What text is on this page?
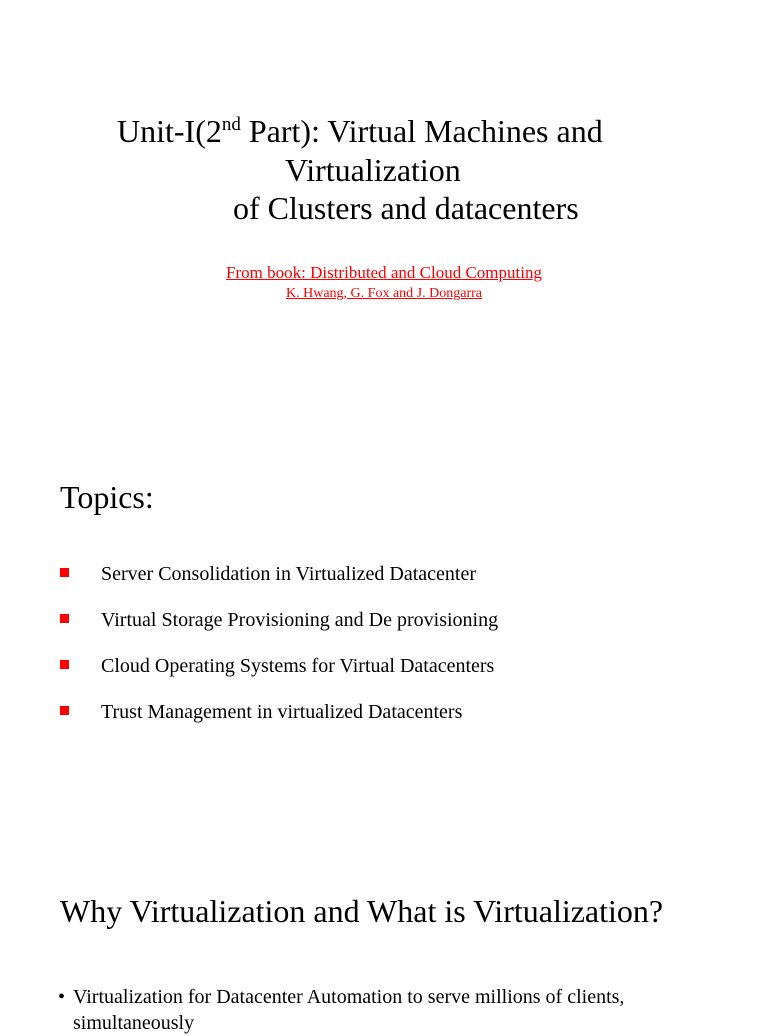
Unit-I(2nd Part): Virtual Machines and
Virtualization
of Clusters and datacenters
From book: Distributed and Cloud Computing
K. Hwang, G. Fox and J. Dongarra
Topics:
Server Consolidation in Virtualized Datacenter
Virtual Storage Provisioning and De provisioning
Cloud Operating Systems for Virtual Datacenters
Trust Management in virtualized Datacenters
Why Virtualization and What is Virtualization?
• Virtualization for Datacenter Automation to serve millions of clients, simultaneously
